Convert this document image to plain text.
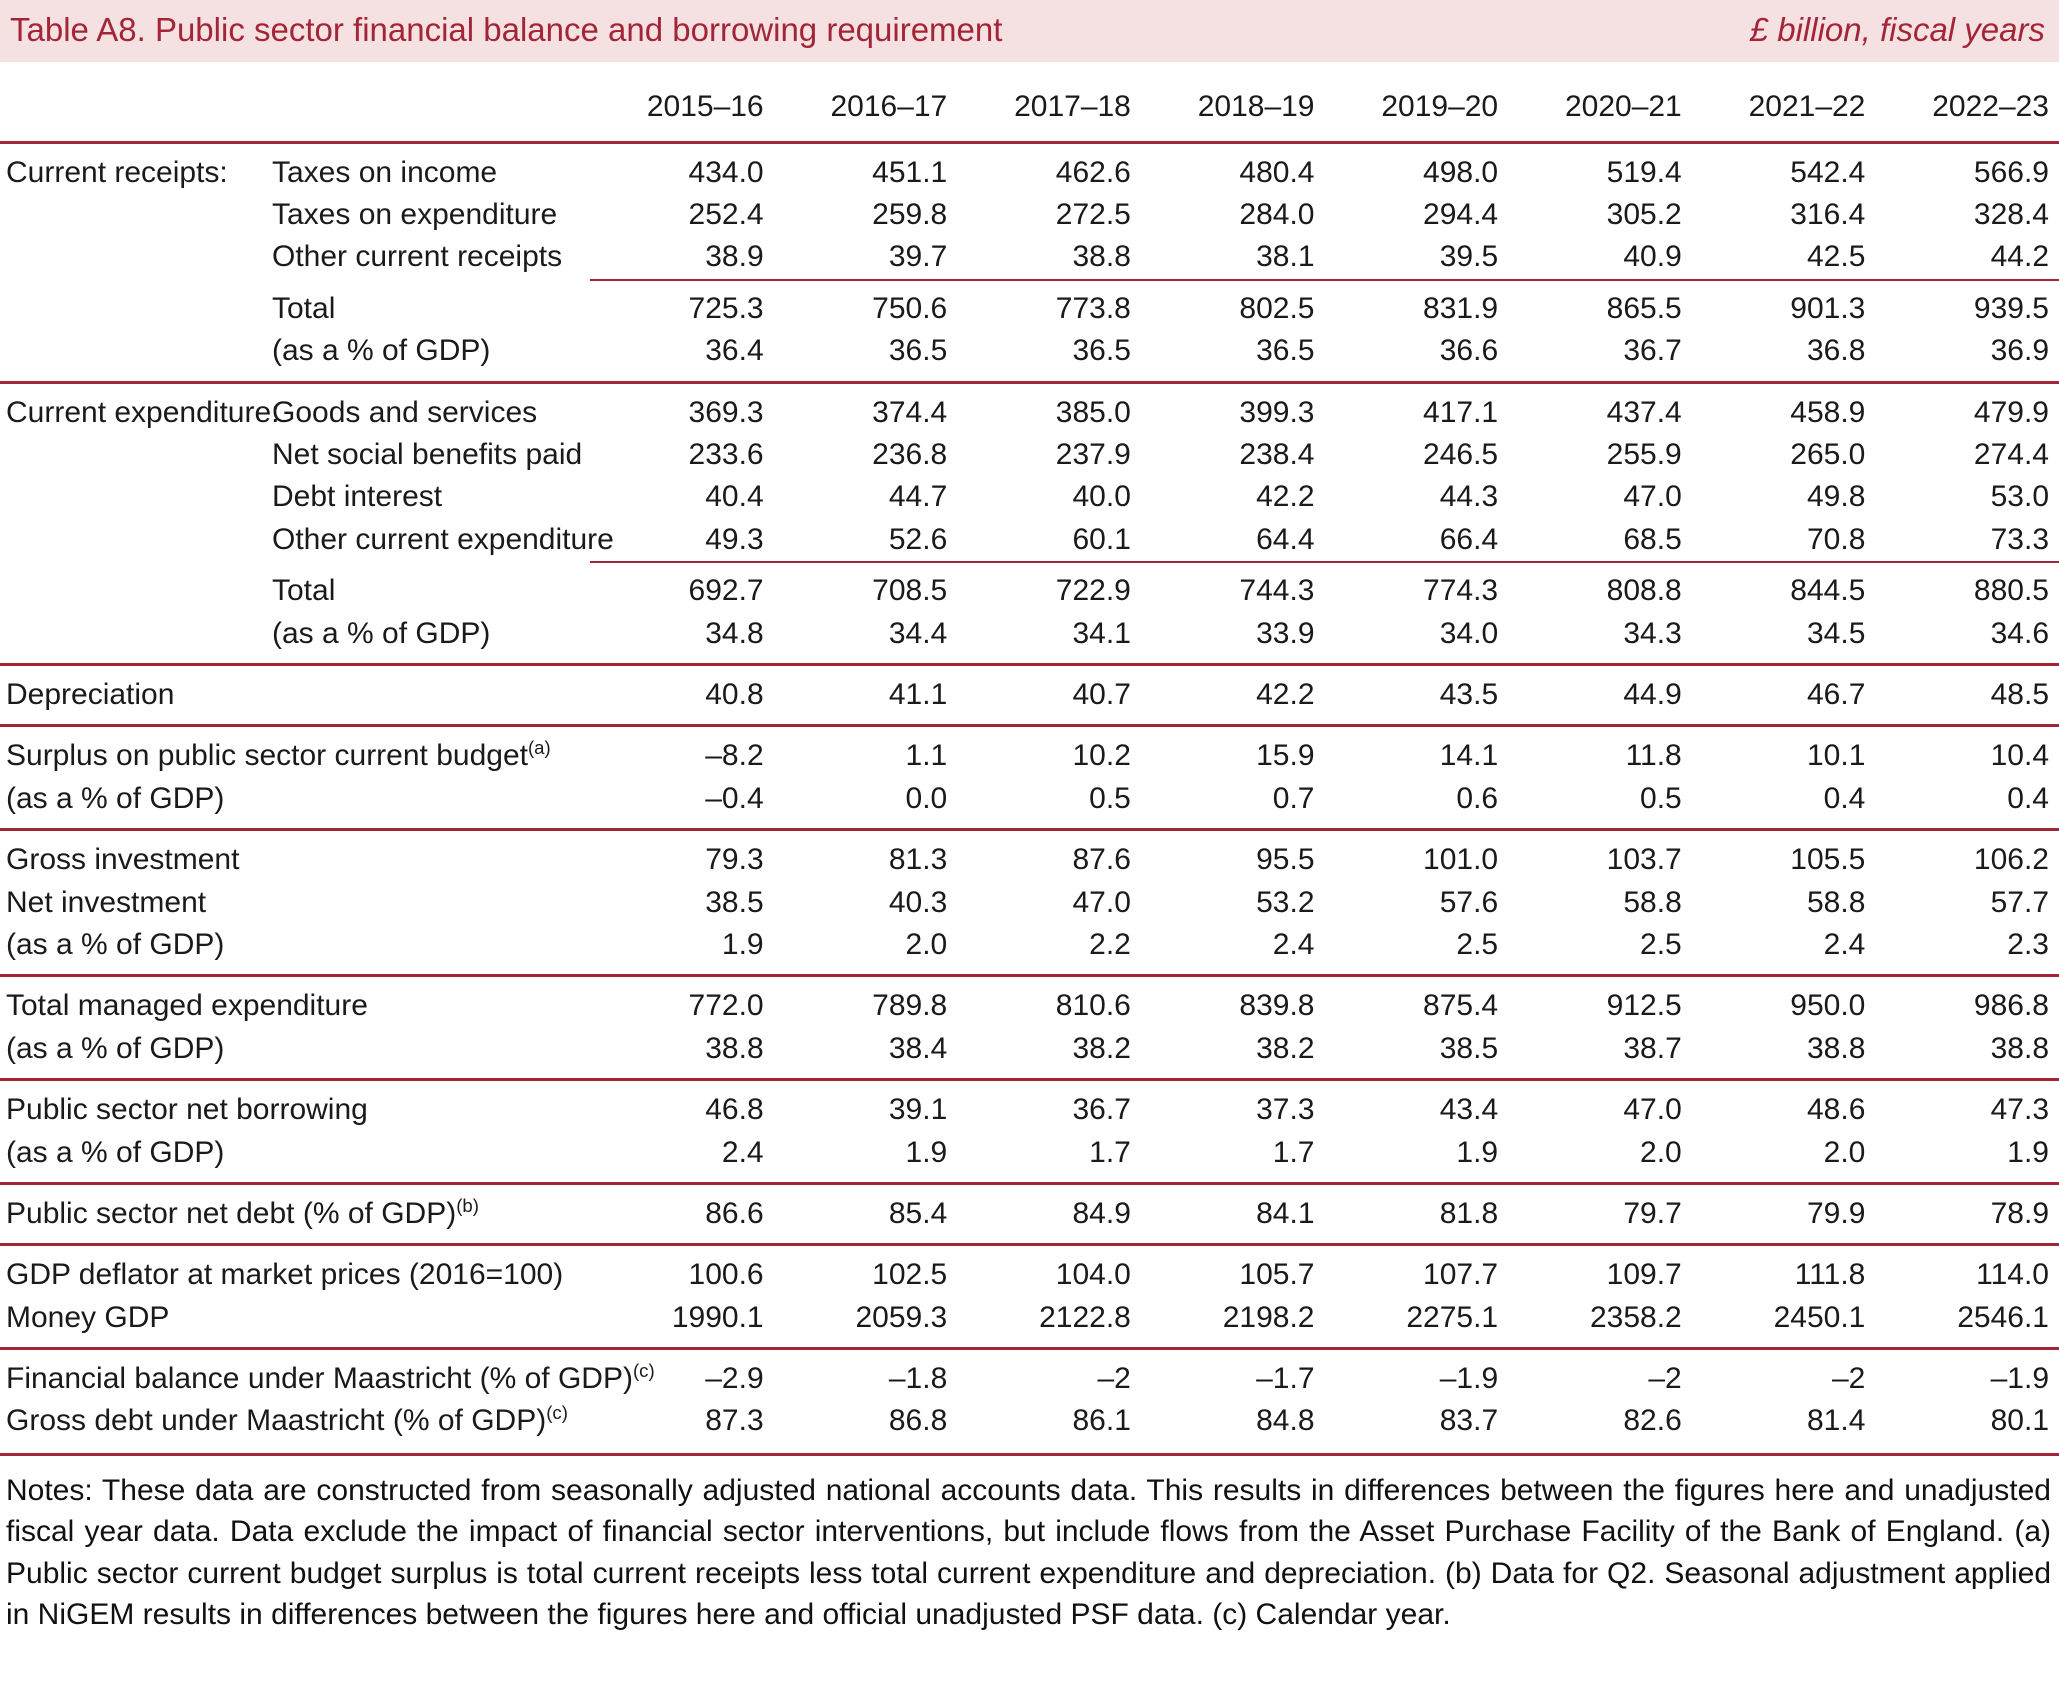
Table A8. Public sector financial balance and borrowing requirement	£ billion, fiscal years
		2015–16	2016–17	2017–18	2018–19	2019–20	2020–21	2021–22	2022–23
Current receipts:	Taxes on income	434.0	451.1	462.6	480.4	498.0	519.4	542.4	566.9
	Taxes on expenditure	252.4	259.8	272.5	284.0	294.4	305.2	316.4	328.4
	Other current receipts	38.9	39.7	38.8	38.1	39.5	40.9	42.5	44.2
	Total	725.3	750.6	773.8	802.5	831.9	865.5	901.3	939.5
	(as a % of GDP)	36.4	36.5	36.5	36.5	36.6	36.7	36.8	36.9
Current expenditure:	Goods and services	369.3	374.4	385.0	399.3	417.1	437.4	458.9	479.9
	Net social benefits paid	233.6	236.8	237.9	238.4	246.5	255.9	265.0	274.4
	Debt interest	40.4	44.7	40.0	42.2	44.3	47.0	49.8	53.0
	Other current expenditure	49.3	52.6	60.1	64.4	66.4	68.5	70.8	73.3
	Total	692.7	708.5	722.9	744.3	774.3	808.8	844.5	880.5
	(as a % of GDP)	34.8	34.4	34.1	33.9	34.0	34.3	34.5	34.6
Depreciation		40.8	41.1	40.7	42.2	43.5	44.9	46.7	48.5
Surplus on public sector current budget$^{(a)}$		–8.2	1.1	10.2	15.9	14.1	11.8	10.1	10.4
(as a % of GDP)		–0.4	0.0	0.5	0.7	0.6	0.5	0.4	0.4
Gross investment		79.3	81.3	87.6	95.5	101.0	103.7	105.5	106.2
Net investment		38.5	40.3	47.0	53.2	57.6	58.8	58.8	57.7
(as a % of GDP)		1.9	2.0	2.2	2.4	2.5	2.5	2.4	2.3
Total managed expenditure		772.0	789.8	810.6	839.8	875.4	912.5	950.0	986.8
(as a % of GDP)		38.8	38.4	38.2	38.2	38.5	38.7	38.8	38.8
Public sector net borrowing		46.8	39.1	36.7	37.3	43.4	47.0	48.6	47.3
(as a % of GDP)		2.4	1.9	1.7	1.7	1.9	2.0	2.0	1.9
Public sector net debt (% of GDP)$^{(b)}$		86.6	85.4	84.9	84.1	81.8	79.7	79.9	78.9
GDP deflator at market prices (2016=100)		100.6	102.5	104.0	105.7	107.7	109.7	111.8	114.0
Money GDP		1990.1	2059.3	2122.8	2198.2	2275.1	2358.2	2450.1	2546.1
Financial balance under Maastricht (% of GDP)$^{(c)}$		–2.9	–1.8	–2	–1.7	–1.9	–2	–2	–1.9
Gross debt under Maastricht (% of GDP)$^{(c)}$		87.3	86.8	86.1	84.8	83.7	82.6	81.4	80.1

Notes: These data are constructed from seasonally adjusted national accounts data. This results in differences between the figures here and unadjusted fiscal year data. Data exclude the impact of financial sector interventions, but include flows from the Asset Purchase Facility of the Bank of England. (a) Public sector current budget surplus is total current receipts less total current expenditure and depreciation. (b) Data for Q2. Seasonal adjustment applied in NiGEM results in differences between the figures here and official unadjusted PSF data. (c) Calendar year.
